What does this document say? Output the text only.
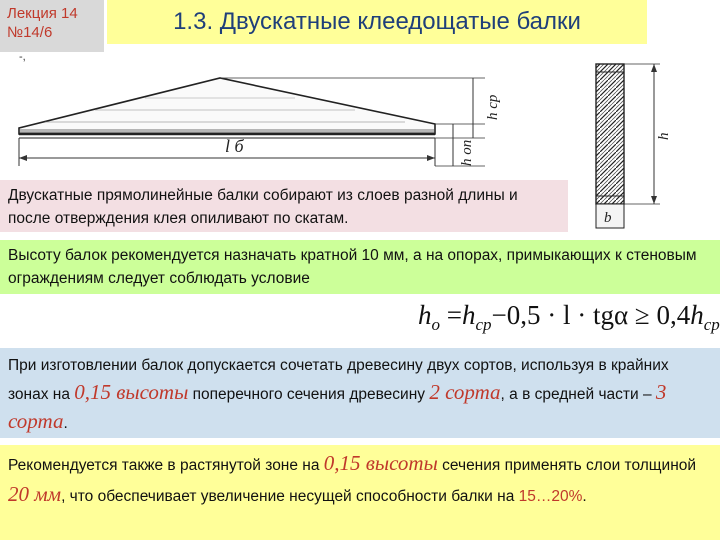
Лекция 14
№14/6	1.3. Двускатные клеедощатые балки
-,
l б
h ср
h оп
b
h
Двускатные прямолинейные балки собирают из слоев разной длины и после отверждения клея опиливают по скатам.
Высоту балок рекомендуется назначать кратной 10 мм, а на опорах, примыкающих к стеновым ограждениям следует соблюдать условие
$h_o =h_{cp}-0,5 \cdot l \cdot tg\alpha \ge 0,4h_{cp}$
При изготовлении балок допускается сочетать древесину двух сортов, используя в крайних зонах на 0,15 высоты поперечного сечения древесину 2 сорта, а в средней части – 3 сорта.
Рекомендуется также в растянутой зоне на 0,15 высоты сечения применять слои толщиной 20 мм, что обеспечивает увеличение несущей способности балки на 15…20%.
